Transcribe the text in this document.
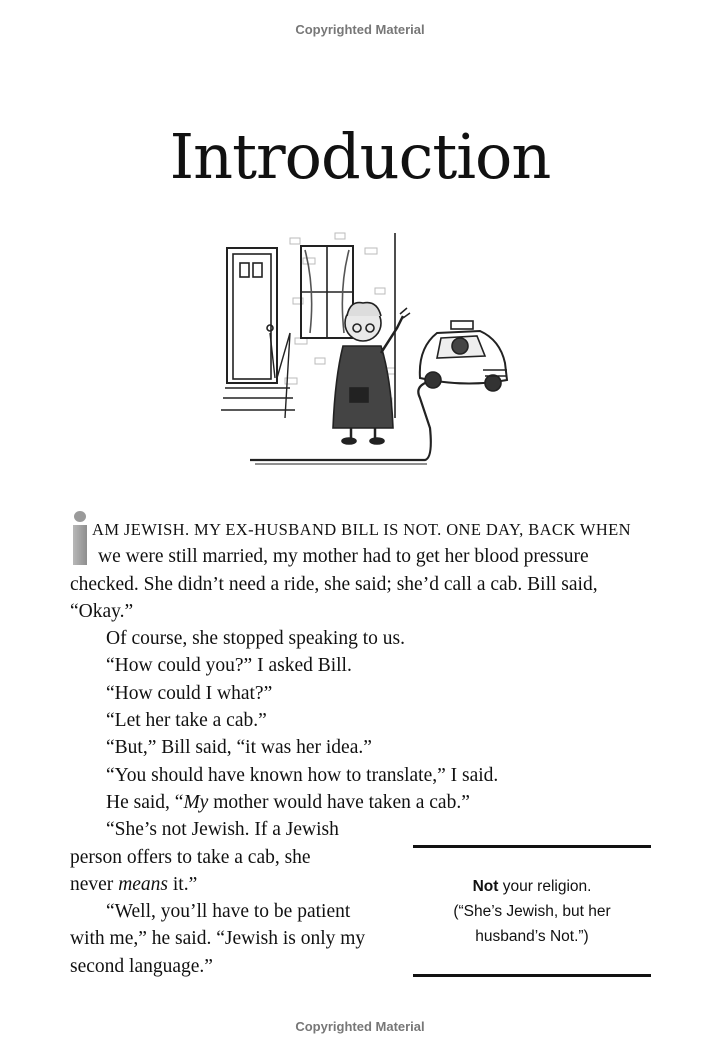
Copyrighted Material
Introduction
AM JEWISH. MY EX-HUSBAND BILL IS NOT. ONE DAY, BACK WHEN
we were still married, my mother had to get her blood pressure
checked. She didn’t need a ride, she said; she’d call a cab. Bill said,
“Okay.”
Of course, she stopped speaking to us.
“How could you?” I asked Bill.
“How could I what?”
“Let her take a cab.”
“But,” Bill said, “it was her idea.”
“You should have known how to translate,” I said.
He said, “My mother would have taken a cab.”
“She’s not Jewish. If a Jewish
person offers to take a cab, she
never means it.”
“Well, you’ll have to be patient
with me,” he said. “Jewish is only my
second language.”
Not your religion.
(“She’s Jewish, but her
husband’s Not.”)
Copyrighted Material
